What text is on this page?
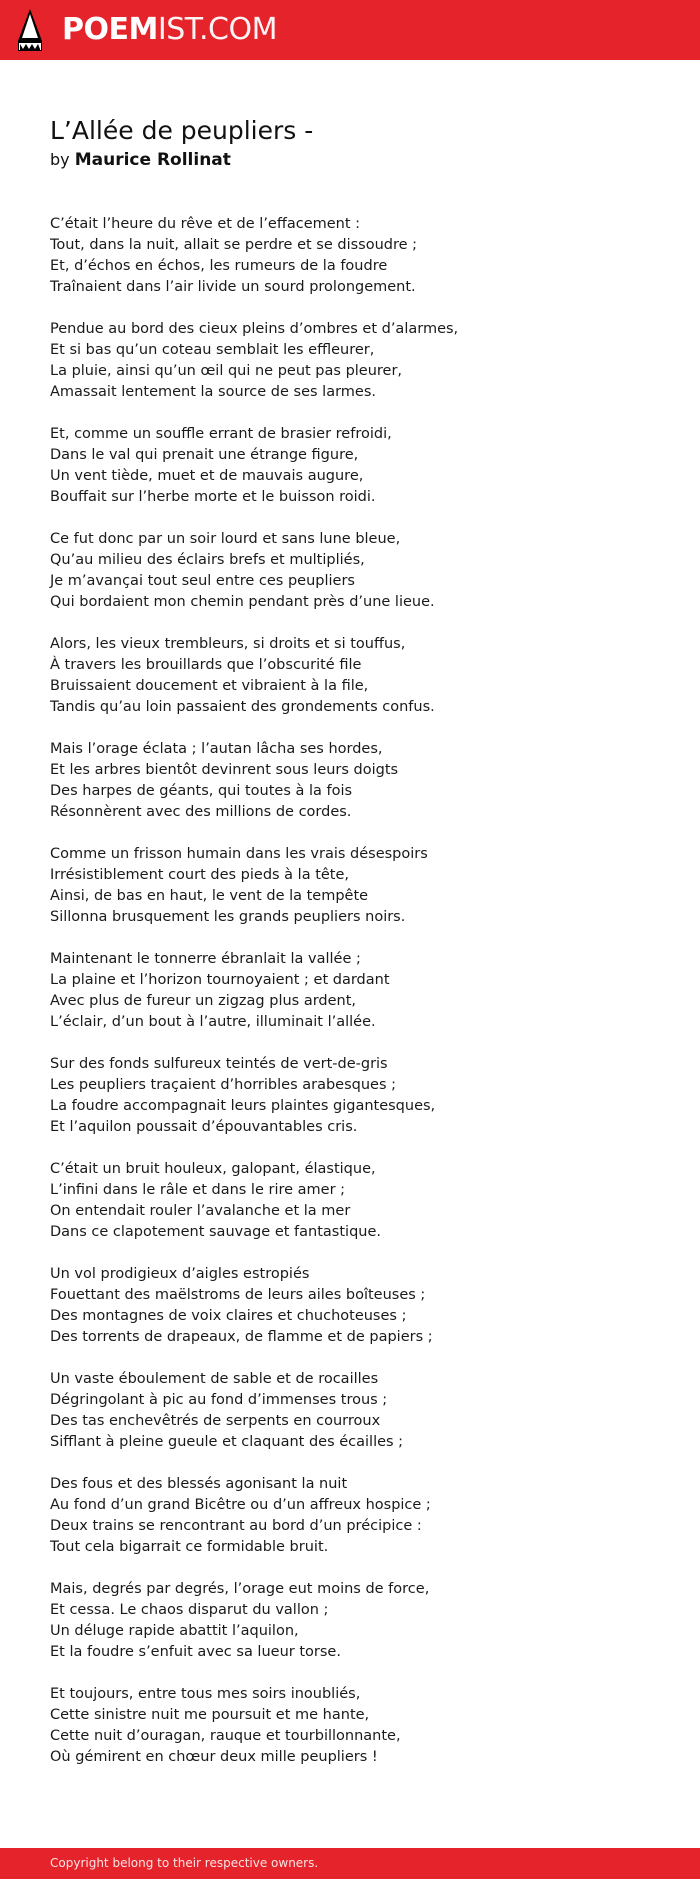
POEMIST.COM
L’Allée de peupliers -
by Maurice Rollinat
C’était l’heure du rêve et de l’effacement :
Tout, dans la nuit, allait se perdre et se dissoudre ;
Et, d’échos en échos, les rumeurs de la foudre
Traînaient dans l’air livide un sourd prolongement.
Pendue au bord des cieux pleins d’ombres et d’alarmes,
Et si bas qu’un coteau semblait les effleurer,
La pluie, ainsi qu’un œil qui ne peut pas pleurer,
Amassait lentement la source de ses larmes.
Et, comme un souffle errant de brasier refroidi,
Dans le val qui prenait une étrange figure,
Un vent tiède, muet et de mauvais augure,
Bouffait sur l’herbe morte et le buisson roidi.
Ce fut donc par un soir lourd et sans lune bleue,
Qu’au milieu des éclairs brefs et multipliés,
Je m’avançai tout seul entre ces peupliers
Qui bordaient mon chemin pendant près d’une lieue.
Alors, les vieux trembleurs, si droits et si touffus,
À travers les brouillards que l’obscurité file
Bruissaient doucement et vibraient à la file,
Tandis qu’au loin passaient des grondements confus.
Mais l’orage éclata ; l’autan lâcha ses hordes,
Et les arbres bientôt devinrent sous leurs doigts
Des harpes de géants, qui toutes à la fois
Résonnèrent avec des millions de cordes.
Comme un frisson humain dans les vrais désespoirs
Irrésistiblement court des pieds à la tête,
Ainsi, de bas en haut, le vent de la tempête
Sillonna brusquement les grands peupliers noirs.
Maintenant le tonnerre ébranlait la vallée ;
La plaine et l’horizon tournoyaient ; et dardant
Avec plus de fureur un zigzag plus ardent,
L’éclair, d’un bout à l’autre, illuminait l’allée.
Sur des fonds sulfureux teintés de vert-de-gris
Les peupliers traçaient d’horribles arabesques ;
La foudre accompagnait leurs plaintes gigantesques,
Et l’aquilon poussait d’épouvantables cris.
C’était un bruit houleux, galopant, élastique,
L’infini dans le râle et dans le rire amer ;
On entendait rouler l’avalanche et la mer
Dans ce clapotement sauvage et fantastique.
Un vol prodigieux d’aigles estropiés
Fouettant des maëlstroms de leurs ailes boîteuses ;
Des montagnes de voix claires et chuchoteuses ;
Des torrents de drapeaux, de flamme et de papiers ;
Un vaste éboulement de sable et de rocailles
Dégringolant à pic au fond d’immenses trous ;
Des tas enchevêtrés de serpents en courroux
Sifflant à pleine gueule et claquant des écailles ;
Des fous et des blessés agonisant la nuit
Au fond d’un grand Bicêtre ou d’un affreux hospice ;
Deux trains se rencontrant au bord d’un précipice :
Tout cela bigarrait ce formidable bruit.
Mais, degrés par degrés, l’orage eut moins de force,
Et cessa. Le chaos disparut du vallon ;
Un déluge rapide abattit l’aquilon,
Et la foudre s’enfuit avec sa lueur torse.
Et toujours, entre tous mes soirs inoubliés,
Cette sinistre nuit me poursuit et me hante,
Cette nuit d’ouragan, rauque et tourbillonnante,
Où gémirent en chœur deux mille peupliers !
Copyright belong to their respective owners.
